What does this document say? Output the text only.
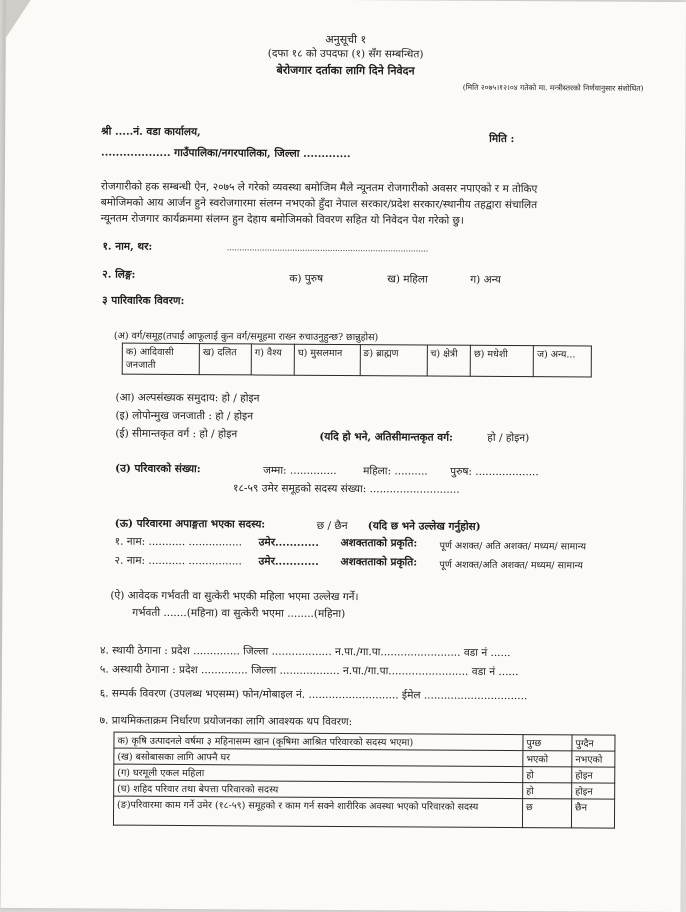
अनुसूची १
(दफा १८ को उपदफा (१) सँग सम्बन्धित)
बेरोजगार दर्ताका लागि दिने निवेदन
(मिति २०७५।१२।०४ गतेको मा. मन्त्रीस्तरको निर्णयानुसार संशोधित)
श्री .....नं. वडा कार्यालय,
मिति :
................... गाउँपालिका/नगरपालिका, जिल्ला .............
रोजगारीको हक सम्बन्धी ऐन, २०७५ ले गरेको व्यवस्था बमोजिम मैले न्यूनतम रोजगारीको अवसर नपाएको र म तोकिए
बमोजिमको आय आर्जन हुने स्वरोजगारमा संलग्न नभएको हुँदा नेपाल सरकार/प्रदेश सरकार/स्थानीय तहद्वारा संचालित
न्यूनतम रोजगार कार्यक्रममा संलग्न हुन देहाय बमोजिमको विवरण सहित यो निवेदन पेश गरेको छु।
१. नाम, थर:	................................................................................
२. लिङ्ग:	क) पुरुष	ख) महिला	ग) अन्य
३ पारिवारिक विवरण:
(अ) वर्ग/समूह(तपाईं आफूलाई कुन वर्ग/समूहमा राख्न रुचाउनुहुन्छ? छान्नुहोस)
क) आदिवासी जनजाती	ख) दलित	ग) वैश्य	घ) मुसलमान	ङ) ब्राह्मण	च) क्षेत्री	छ) मधेशी	ज) अन्य...
(आ) अल्पसंख्यक समुदाय: हो / होइन
(इ) लोपोन्मुख जनजाती : हो / होइन
(ई) सीमान्तकृत वर्ग : हो / होइन	(यदि हो भने, अतिसीमान्तकृत वर्ग:	हो / होइन)
(उ) परिवारको संख्या:	जम्मा: ..............	महिला: .......... पुरुष: ...................
१८-५९ उमेर समूहको सदस्य संख्या: ...........................
(ऊ) परिवारमा अपाङ्गता भएका सदस्य:	छ / छैन (यदि छ भने उल्लेख गर्नुहोस)
१. नाम: ........... ................ उमेर............ अशक्तताको प्रकृति: पूर्ण अशक्त/ अति अशक्त/ मध्यम/ सामान्य
२. नाम: ........... ................ उमेर............ अशक्तताको प्रकृति: पूर्ण अशक्त/अति अशक्त/ मध्यम/ सामान्य
(ऐ) आवेदक गर्भवती वा सुत्केरी भएकी महिला भएमा उल्लेख गर्ने।
गर्भवती .......(महिना) वा सुत्केरी भएमा ........(महिना)
४. स्थायी ठेगाना : प्रदेश .............. जिल्ला .................. न.पा./गा.पा........................ वडा नं ......
५. अस्थायी ठेगाना : प्रदेश .............. जिल्ला .................. न.पा./गा.पा........................ वडा नं ......
६. सम्पर्क विवरण (उपलब्ध भएसम्म) फोन/मोबाइल नं. ........................... ईमेल ...............................
७. प्राथमिकताक्रम निर्धारण प्रयोजनका लागि आवश्यक थप विवरण:
क) कृषि उत्पादनले वर्षमा ३ महिनासम्म खान (कृषिमा आश्रित परिवारको सदस्य भएमा)	पुग्छ	पुग्दैन
(ख) बसोबासका लागि आफ्नै घर	भएको	नभएको
(ग) घरमूली एकल महिला	हो	होइन
(घ) शहिद परिवार तथा बेपत्ता परिवारको सदस्य	हो	होइन
(ङ)परिवारमा काम गर्ने उमेर (१८-५९) समूहको र काम गर्न सक्ने शारीरिक अवस्था भएको परिवारको सदस्य	छ	छैन
